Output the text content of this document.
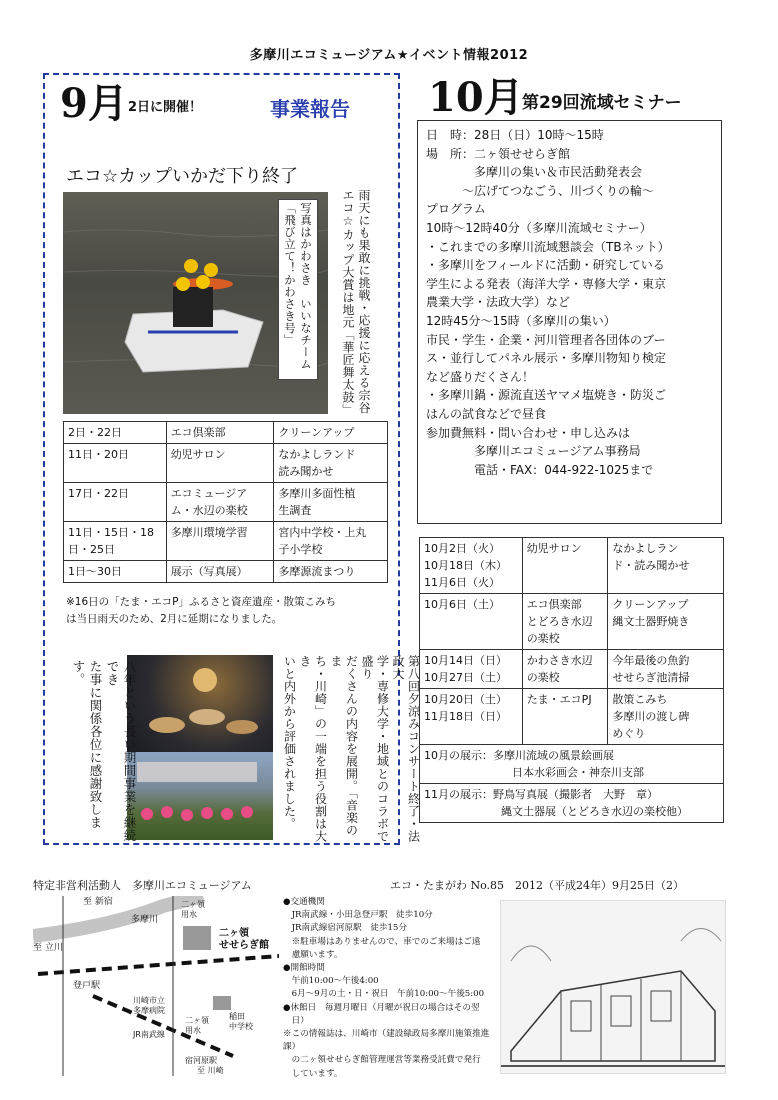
多摩川エコミュージアム★イベント情報2012
9月 2日に開催！	事業報告
エコ☆カップいかだ下り終了
写真はかわさき　いいなチーム
「飛び立て！かわさき号」	雨天にも果敢に挑戦・応援に応える宗谷
エコ☆カップ大賞は地元「華匠舞太鼓」
2日・22日	エコ倶楽部	クリーンアップ
11日・20日	幼児サロン	なかよしランド
読み聞かせ
17日・22日	エコミュージア
ム・水辺の楽校	多摩川多面性植
生調査
11日・15日・18
日・25日	多摩川環境学習	宮内中学校・上丸
子小学校
1日〜30日	展示（写真展）	多摩源流まつり
※16日の「たま・エコP」ふるさと資産遺産・散策こみち
は当日雨天のため、2月に延期になりました。
第八回夕涼みコンサート終了・法政大
学・専修大学・地域とのコラボで盛り
だくさんの内容を展開。「音楽のま
ち・川崎」の一端を担う役割は大き
いと内外から評価されました。
八年という長い期間事業を継続でき
た事に関係各位に感謝致します。
10月
第29回流域セミナー
日　時：28日（日）10時〜15時
場　所：二ヶ領せせらぎ館
　　　　多摩川の集い＆市民活動発表会
　　　〜広げてつなごう、川づくりの輪〜
プログラム
10時〜12時40分（多摩川流域セミナー）
・これまでの多摩川流域懇談会（TBネット）
・多摩川をフィールドに活動・研究している
学生による発表（海洋大学・専修大学・東京
農業大学・法政大学）など
12時45分〜15時（多摩川の集い）
市民・学生・企業・河川管理者各団体のブー
ス・並行してパネル展示・多摩川物知り検定
など盛りだくさん！
・多摩川鍋・源流直送ヤマメ塩焼き・防災ご
はんの試食などで昼食
参加費無料・問い合わせ・申し込みは
　　　　多摩川エコミュージアム事務局
　　　　電話・FAX：044-922-1025まで
10月2日（火）
10月18日（木）
11月6日（火）	幼児サロン	なかよしラン
ド・読み聞かせ
10月6日（土）	エコ倶楽部
とどろき水辺
の楽校	クリーンアップ
縄文土器野焼き
10月14日（日）
10月27日（土）	かわさき水辺
の楽校	今年最後の魚釣
せせらぎ池清掃
10月20日（土）
11月18日（日）	たま・エコPJ	散策こみち
多摩川の渡し碑
めぐり
10月の展示：多摩川流域の風景絵画展
　　　　　　　　日本水彩画会・神奈川支部		
11月の展示：野鳥写真展（撮影者　大野　章）
　　　　　　　縄文土器展（とどろき水辺の楽校他）		
特定非営利活動人　多摩川エコミュージアム	エコ・たまがわ No.85　2012（平成24年）9月25日（2）
至 新宿
多摩川
二ヶ領
用水
二ヶ領
せせらぎ館
至 立川
登戸駅
川崎市立
多摩病院
JR南武線
二ヶ領
用水
稲田
中学校
宿河原駅
至 川崎
●交通機関
　JR南武線・小田急登戸駅　徒歩10分
　JR南武線宿河原駅　徒歩15分
　※駐車場はありませんので、車でのご来場はご遠
　慮願います。
●開館時間
　午前10:00〜午後4:00
　6月〜9月の土・日・祝日　午前10:00〜午後5:00
●休館日　毎週月曜日（月曜が祝日の場合はその翌
　日）
※この情報誌は、川崎市（建設緑政局多摩川施策推進課）
　の二ヶ領せせらぎ館管理運営等業務受託費で発行
　しています。
